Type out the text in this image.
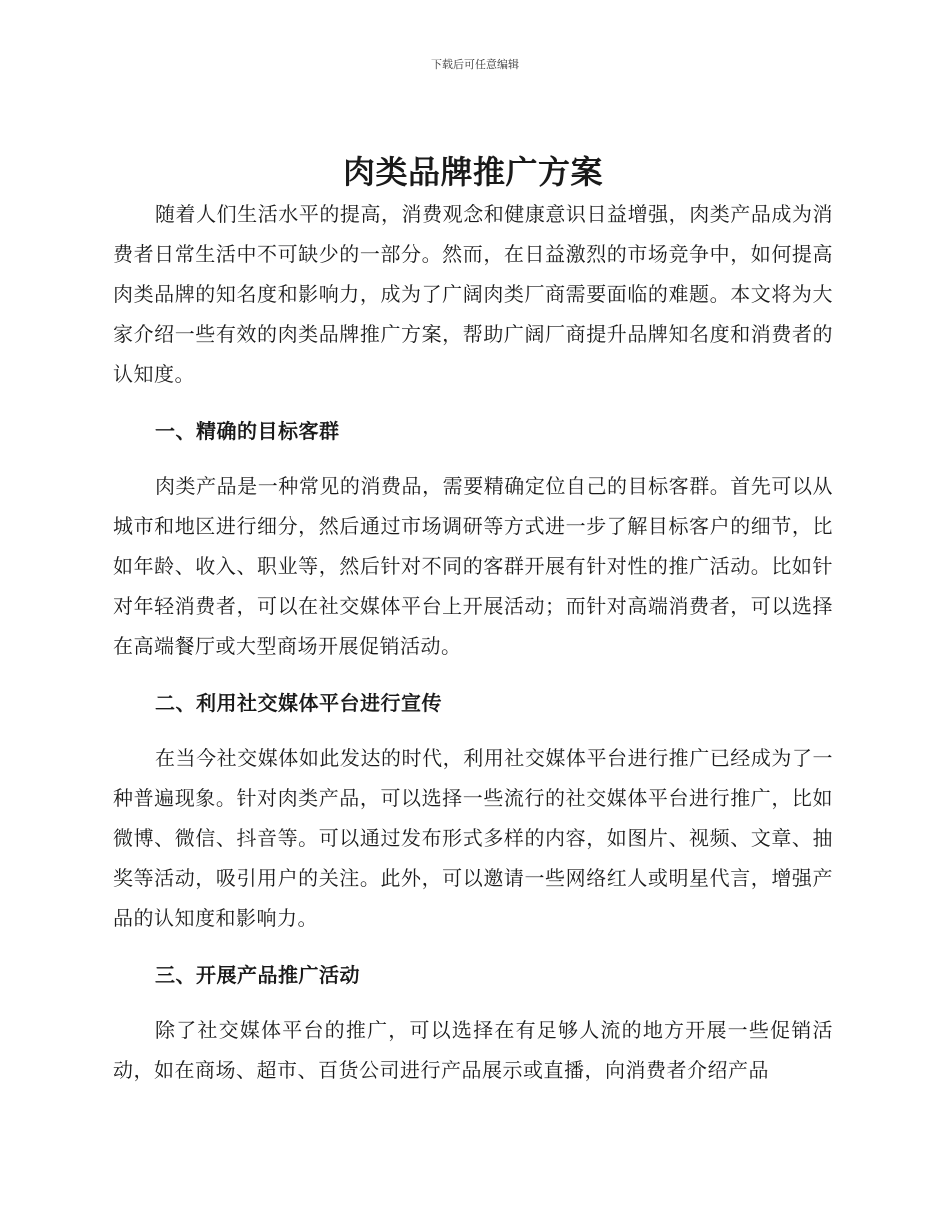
下载后可任意编辑
肉类品牌推广方案

随着人们生活水平的提高，消费观念和健康意识日益增强，肉类产品成为消费者日常生活中不可缺少的一部分。然而，在日益激烈的市场竞争中，如何提高肉类品牌的知名度和影响力，成为了广阔肉类厂商需要面临的难题。本文将为大家介绍一些有效的肉类品牌推广方案，帮助广阔厂商提升品牌知名度和消费者的认知度。

一、精确的目标客群

肉类产品是一种常见的消费品，需要精确定位自己的目标客群。首先可以从城市和地区进行细分，然后通过市场调研等方式进一步了解目标客户的细节，比如年龄、收入、职业等，然后针对不同的客群开展有针对性的推广活动。比如针对年轻消费者，可以在社交媒体平台上开展活动；而针对高端消费者，可以选择在高端餐厅或大型商场开展促销活动。

二、利用社交媒体平台进行宣传

在当今社交媒体如此发达的时代，利用社交媒体平台进行推广已经成为了一种普遍现象。针对肉类产品，可以选择一些流行的社交媒体平台进行推广，比如微博、微信、抖音等。可以通过发布形式多样的内容，如图片、视频、文章、抽奖等活动，吸引用户的关注。此外，可以邀请一些网络红人或明星代言，增强产品的认知度和影响力。

三、开展产品推广活动

除了社交媒体平台的推广，可以选择在有足够人流的地方开展一些促销活动，如在商场、超市、百货公司进行产品展示或直播，向消费者介绍产品
